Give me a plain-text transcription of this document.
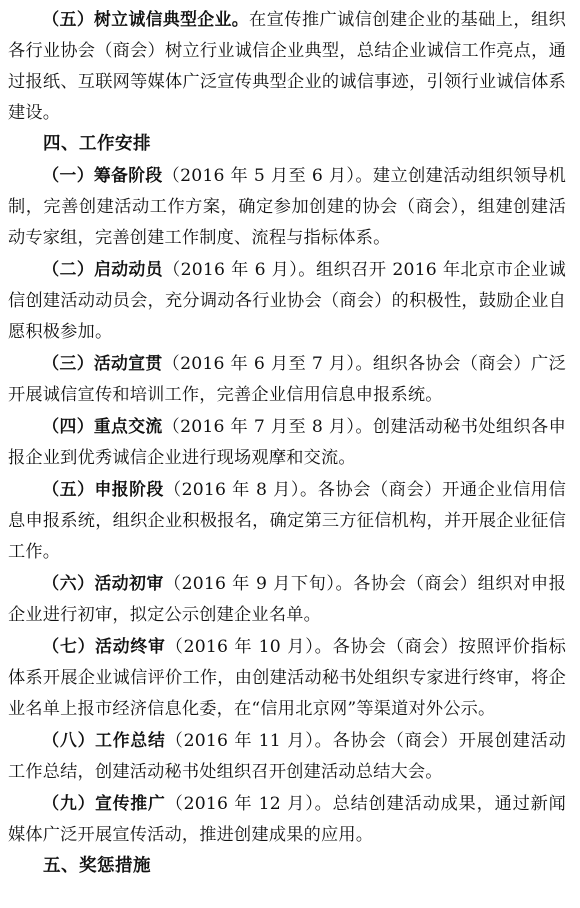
（五）树立诚信典型企业。在宣传推广诚信创建企业的基础上，组织各行业协会（商会）树立行业诚信企业典型，总结企业诚信工作亮点，通过报纸、互联网等媒体广泛宣传典型企业的诚信事迹，引领行业诚信体系建设。

四、工作安排

（一）筹备阶段（2016 年 5 月至 6 月）。建立创建活动组织领导机制，完善创建活动工作方案，确定参加创建的协会（商会），组建创建活动专家组，完善创建工作制度、流程与指标体系。

（二）启动动员（2016 年 6 月）。组织召开 2016 年北京市企业诚信创建活动动员会，充分调动各行业协会（商会）的积极性，鼓励企业自愿积极参加。

（三）活动宣贯（2016 年 6 月至 7 月）。组织各协会（商会）广泛开展诚信宣传和培训工作，完善企业信用信息申报系统。

（四）重点交流（2016 年 7 月至 8 月）。创建活动秘书处组织各申报企业到优秀诚信企业进行现场观摩和交流。

（五）申报阶段（2016 年 8 月）。各协会（商会）开通企业信用信息申报系统，组织企业积极报名，确定第三方征信机构，并开展企业征信工作。

（六）活动初审（2016 年 9 月下旬）。各协会（商会）组织对申报企业进行初审，拟定公示创建企业名单。

（七）活动终审（2016 年 10 月）。各协会（商会）按照评价指标体系开展企业诚信评价工作，由创建活动秘书处组织专家进行终审，将企业名单上报市经济信息化委，在“信用北京网”等渠道对外公示。

（八）工作总结（2016 年 11 月）。各协会（商会）开展创建活动工作总结，创建活动秘书处组织召开创建活动总结大会。

（九）宣传推广（2016 年 12 月）。总结创建活动成果，通过新闻媒体广泛开展宣传活动，推进创建成果的应用。

五、奖惩措施
